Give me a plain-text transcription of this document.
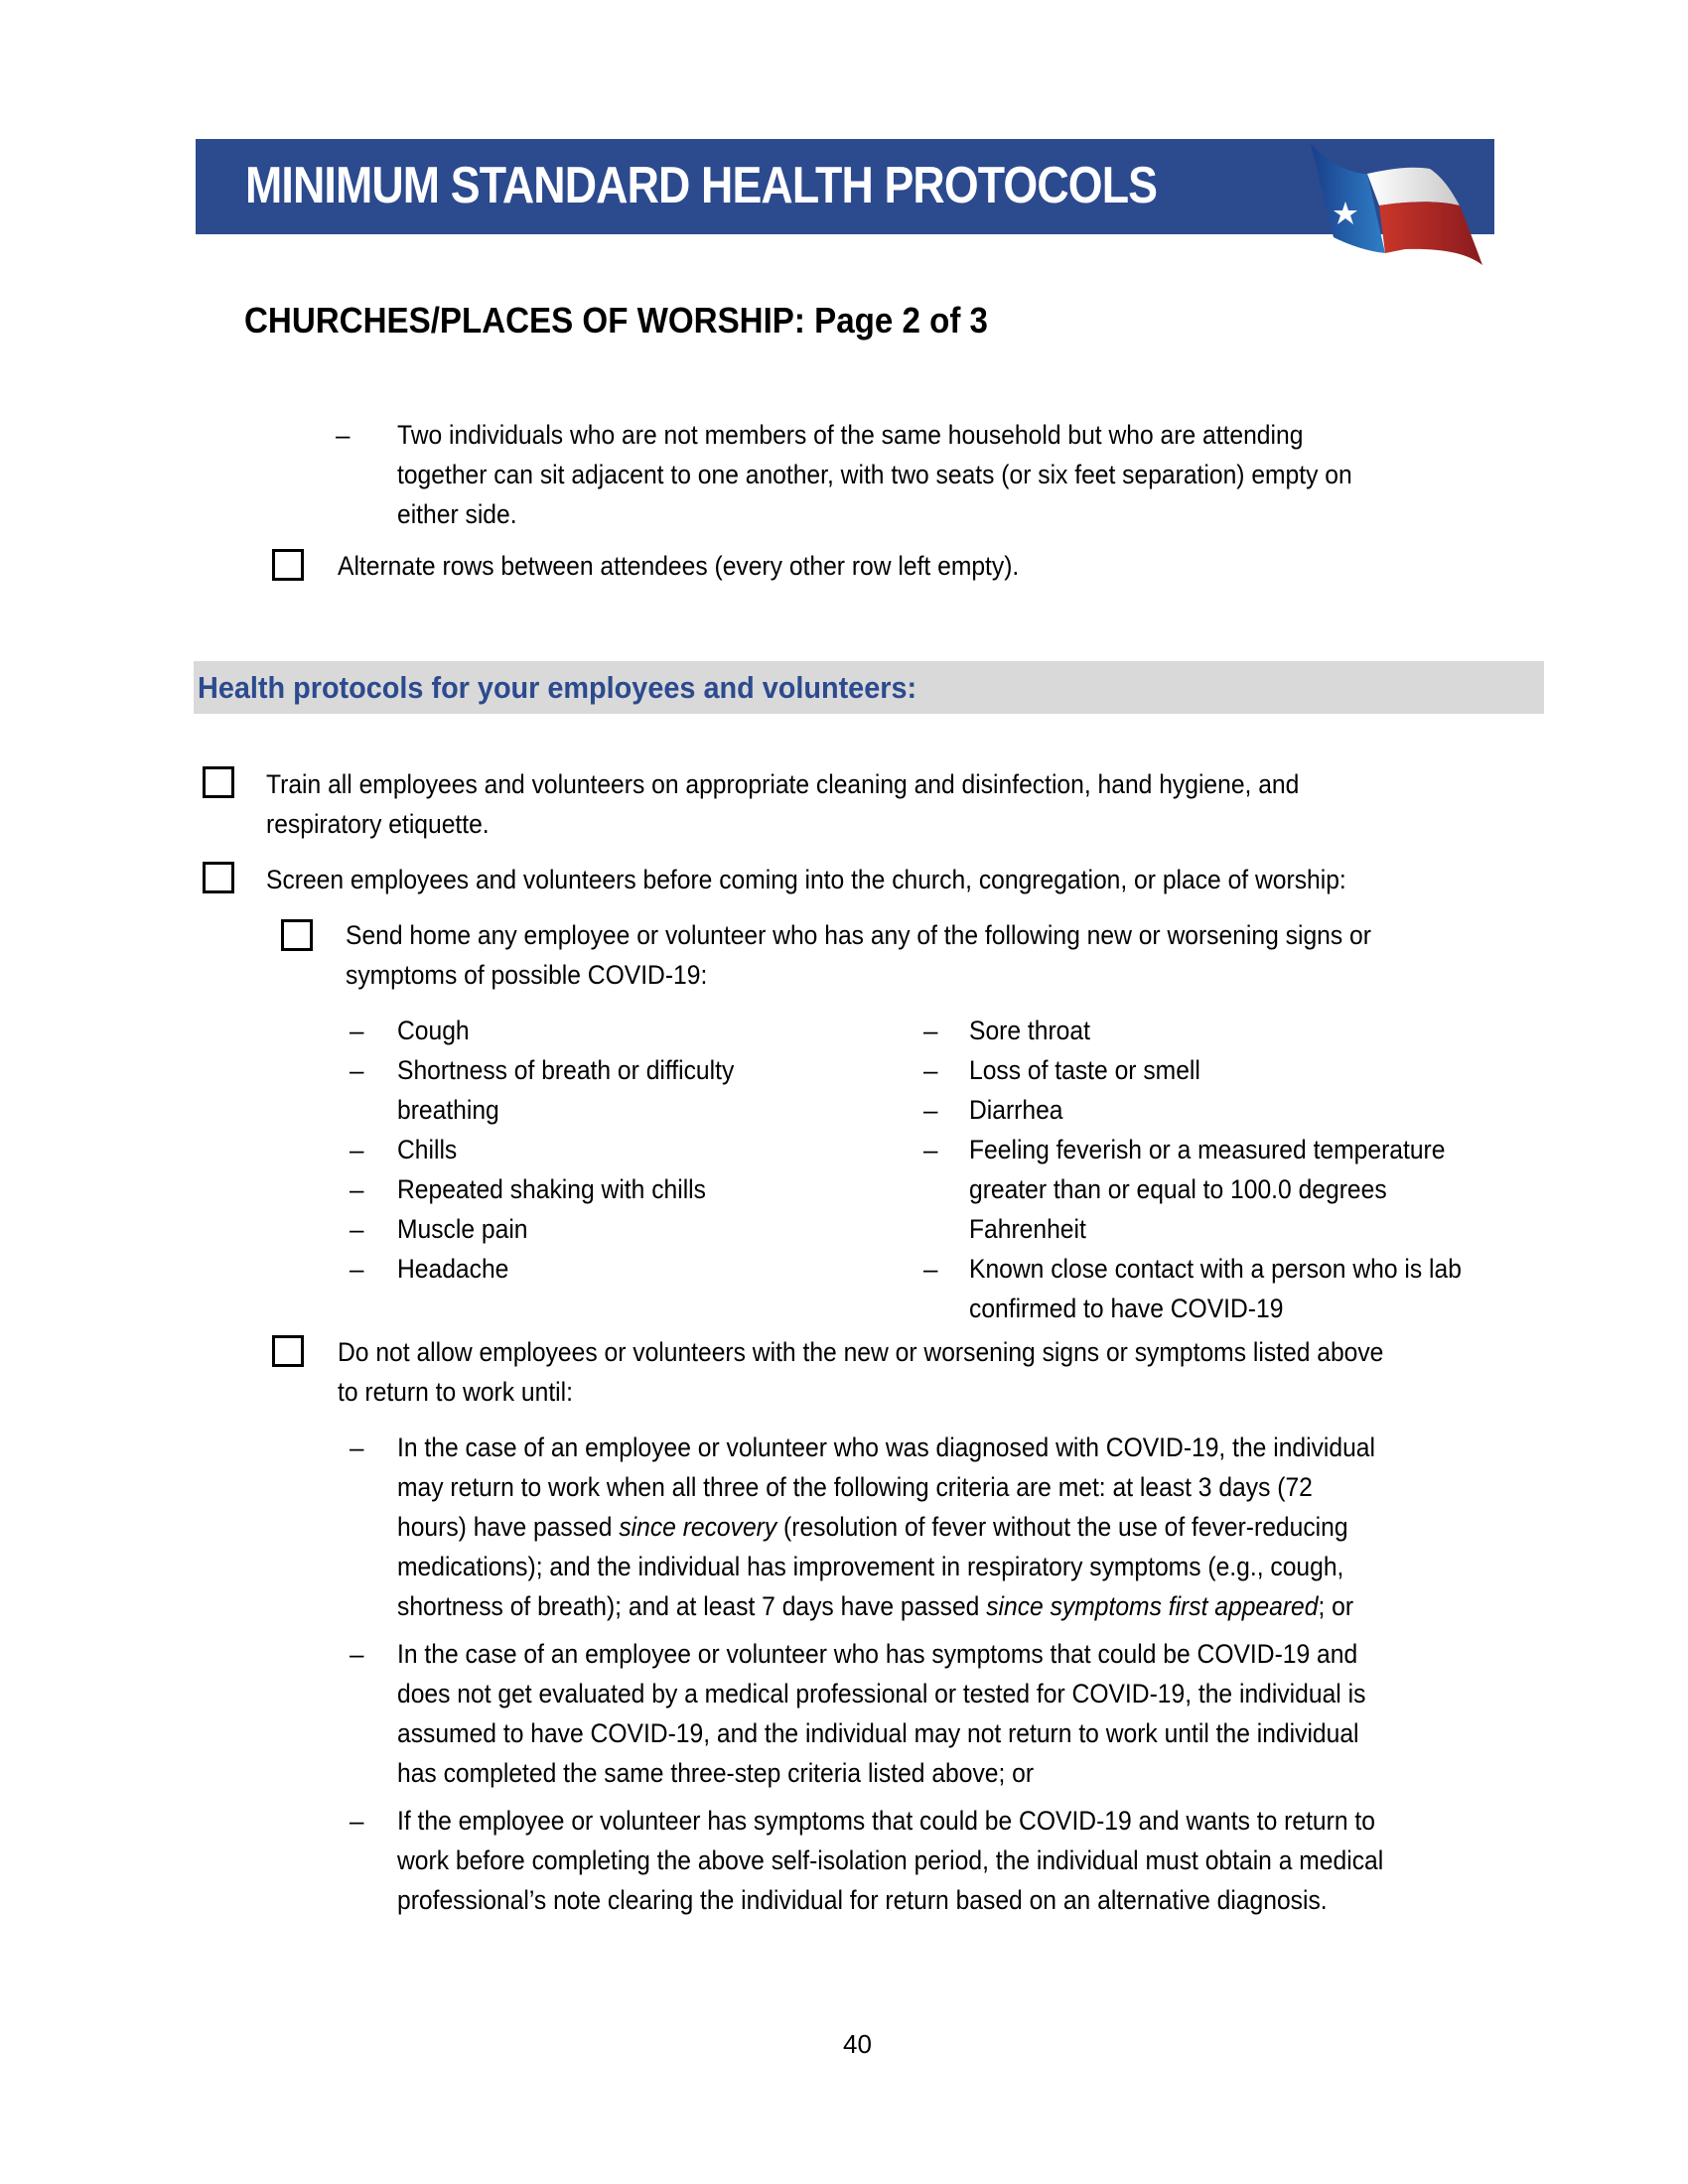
MINIMUM STANDARD HEALTH PROTOCOLS
CHURCHES/PLACES OF WORSHIP: Page 2 of 3
– Two individuals who are not members of the same household but who are attending
together can sit adjacent to one another, with two seats (or six feet separation) empty on
either side.
Alternate rows between attendees (every other row left empty).
Health protocols for your employees and volunteers:
Train all employees and volunteers on appropriate cleaning and disinfection, hand hygiene, and
respiratory etiquette.
Screen employees and volunteers before coming into the church, congregation, or place of worship:
Send home any employee or volunteer who has any of the following new or worsening signs or
symptoms of possible COVID-19:
– Cough
– Shortness of breath or difficulty
breathing
– Chills
– Repeated shaking with chills
– Muscle pain
– Headache
– Sore throat
– Loss of taste or smell
– Diarrhea
– Feeling feverish or a measured temperature
greater than or equal to 100.0 degrees
Fahrenheit
– Known close contact with a person who is lab
confirmed to have COVID-19
Do not allow employees or volunteers with the new or worsening signs or symptoms listed above
to return to work until:
– In the case of an employee or volunteer who was diagnosed with COVID-19, the individual
may return to work when all three of the following criteria are met: at least 3 days (72
hours) have passed since recovery (resolution of fever without the use of fever-reducing
medications); and the individual has improvement in respiratory symptoms (e.g., cough,
shortness of breath); and at least 7 days have passed since symptoms first appeared; or
– In the case of an employee or volunteer who has symptoms that could be COVID-19 and
does not get evaluated by a medical professional or tested for COVID-19, the individual is
assumed to have COVID-19, and the individual may not return to work until the individual
has completed the same three-step criteria listed above; or
– If the employee or volunteer has symptoms that could be COVID-19 and wants to return to
work before completing the above self-isolation period, the individual must obtain a medical
professional’s note clearing the individual for return based on an alternative diagnosis.
40
